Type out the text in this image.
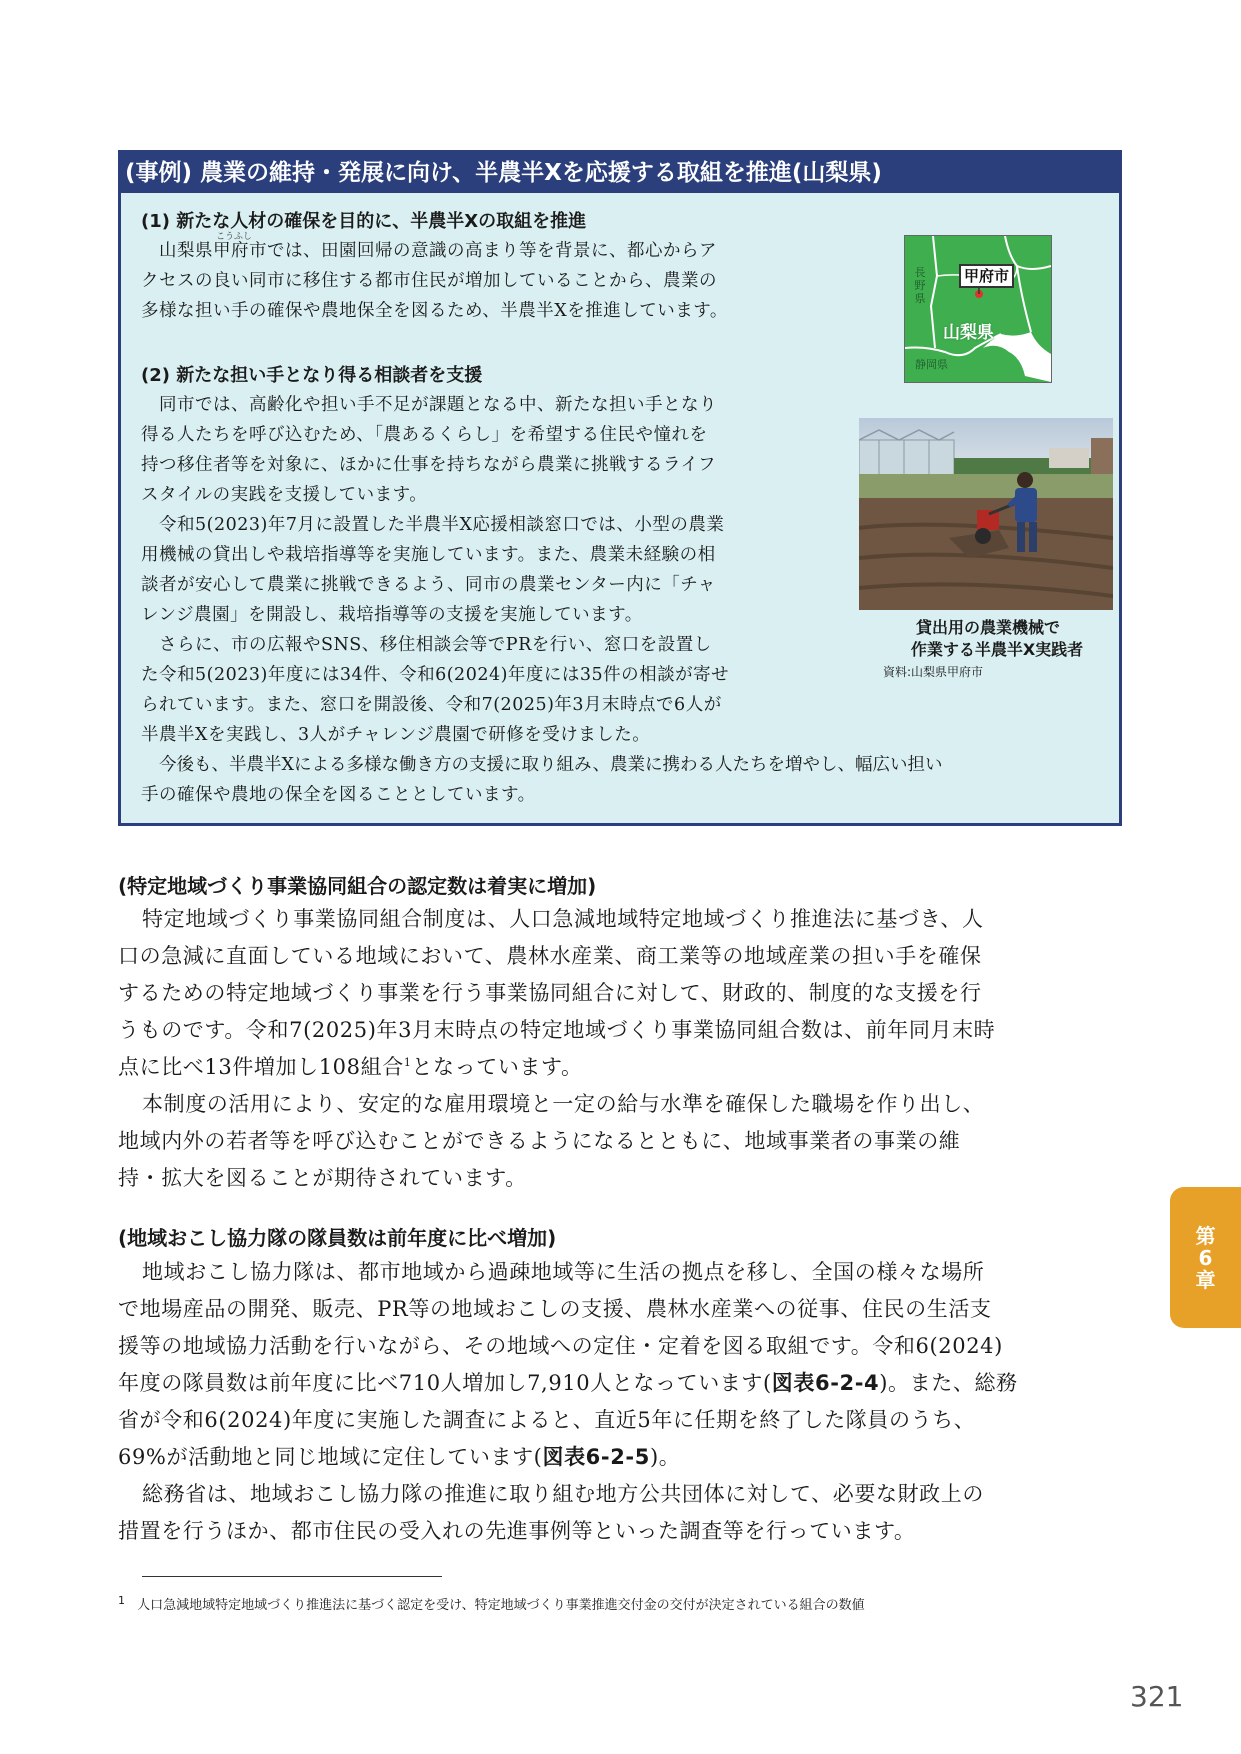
(事例) 農業の維持・発展に向け、半農半Xを応援する取組を推進(山梨県)
(1) 新たな人材の確保を目的に、半農半Xの取組を推進
こうふし
山梨県甲府市では、田園回帰の意識の高まり等を背景に、都心からア
クセスの良い同市に移住する都市住民が増加していることから、農業の
多様な担い手の確保や農地保全を図るため、半農半Xを推進しています。
(2) 新たな担い手となり得る相談者を支援
同市では、高齢化や担い手不足が課題となる中、新たな担い手となり
得る人たちを呼び込むため、「農あるくらし」を希望する住民や憧れを
持つ移住者等を対象に、ほかに仕事を持ちながら農業に挑戦するライフ
スタイルの実践を支援しています。
令和5(2023)年7月に設置した半農半X応援相談窓口では、小型の農業
用機械の貸出しや栽培指導等を実施しています。また、農業未経験の相
談者が安心して農業に挑戦できるよう、同市の農業センター内に「チャ
レンジ農園」を開設し、栽培指導等の支援を実施しています。
さらに、市の広報やSNS、移住相談会等でPRを行い、窓口を設置し
た令和5(2023)年度には34件、令和6(2024)年度には35件の相談が寄せ
られています。また、窓口を開設後、令和7(2025)年3月末時点で6人が
半農半Xを実践し、3人がチャレンジ農園で研修を受けました。
今後も、半農半Xによる多様な働き方の支援に取り組み、農業に携わる人たちを増やし、幅広い担い
手の確保や農地の保全を図ることとしています。
甲府市
山梨県
長野県
静岡県
貸出用の農業機械で
作業する半農半X実践者
資料:山梨県甲府市
(特定地域づくり事業協同組合の認定数は着実に増加)
特定地域づくり事業協同組合制度は、人口急減地域特定地域づくり推進法に基づき、人
口の急減に直面している地域において、農林水産業、商工業等の地域産業の担い手を確保
するための特定地域づくり事業を行う事業協同組合に対して、財政的、制度的な支援を行
うものです。令和7(2025)年3月末時点の特定地域づくり事業協同組合数は、前年同月末時
点に比べ13件増加し108組合$^1$となっています。
本制度の活用により、安定的な雇用環境と一定の給与水準を確保した職場を作り出し、
地域内外の若者等を呼び込むことができるようになるとともに、地域事業者の事業の維
持・拡大を図ることが期待されています。
(地域おこし協力隊の隊員数は前年度に比べ増加)
地域おこし協力隊は、都市地域から過疎地域等に生活の拠点を移し、全国の様々な場所
で地場産品の開発、販売、PR等の地域おこしの支援、農林水産業への従事、住民の生活支
援等の地域協力活動を行いながら、その地域への定住・定着を図る取組です。令和6(2024)
年度の隊員数は前年度に比べ710人増加し7,910人となっています(図表6-2-4)。また、総務
省が令和6(2024)年度に実施した調査によると、直近5年に任期を終了した隊員のうち、
69%が活動地と同じ地域に定住しています(図表6-2-5)。
総務省は、地域おこし協力隊の推進に取り組む地方公共団体に対して、必要な財政上の
措置を行うほか、都市住民の受入れの先進事例等といった調査等を行っています。
第
6
章
$^1$ 人口急減地域特定地域づくり推進法に基づく認定を受け、特定地域づくり事業推進交付金の交付が決定されている組合の数値
321
